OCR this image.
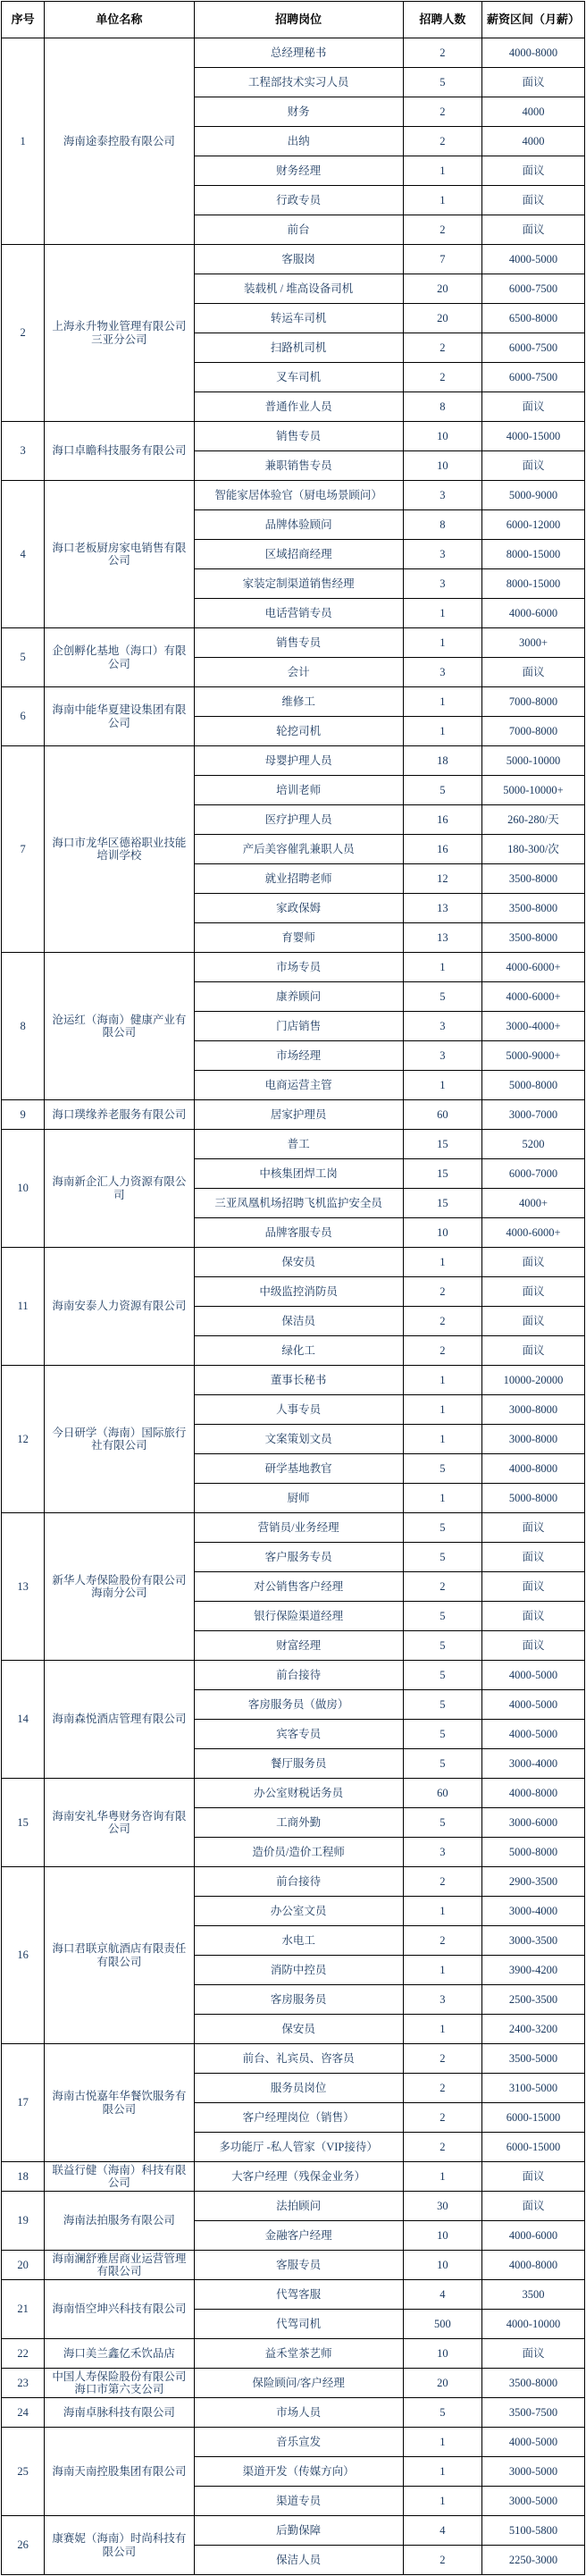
序号	单位名称	招聘岗位	招聘人数	薪资区间（月薪）
1	海南途泰控股有限公司	总经理秘书	2	4000-8000
		工程部技术实习人员	5	面议
		财务	2	4000
		出纳	2	4000
		财务经理	1	面议
		行政专员	1	面议
		前台	2	面议
2	上海永升物业管理有限公司三亚分公司	客服岗	7	4000-5000
		装载机 / 堆高设备司机	20	6000-7500
		转运车司机	20	6500-8000
		扫路机司机	2	6000-7500
		叉车司机	2	6000-7500
		普通作业人员	8	面议
3	海口卓瞻科技服务有限公司	销售专员	10	4000-15000
		兼职销售专员	10	面议
4	海口老板厨房家电销售有限公司	智能家居体验官（厨电场景顾问）	3	5000-9000
		品牌体验顾问	8	6000-12000
		区域招商经理	3	8000-15000
		家装定制渠道销售经理	3	8000-15000
		电话营销专员	1	4000-6000
5	企创孵化基地（海口）有限公司	销售专员	1	3000+
		会计	3	面议
6	海南中能华夏建设集团有限公司	维修工	1	7000-8000
		轮挖司机	1	7000-8000
7	海口市龙华区德裕职业技能培训学校	母婴护理人员	18	5000-10000
		培训老师	5	5000-10000+
		医疗护理人员	16	260-280/天
		产后美容催乳兼职人员	16	180-300/次
		就业招聘老师	12	3500-8000
		家政保姆	13	3500-8000
		育婴师	13	3500-8000
8	沧运红（海南）健康产业有限公司	市场专员	1	4000-6000+
		康养顾问	5	4000-6000+
		门店销售	3	3000-4000+
		市场经理	3	5000-9000+
		电商运营主管	1	5000-8000
9	海口璞缘养老服务有限公司	居家护理员	60	3000-7000
10	海南新企汇人力资源有限公司	普工	15	5200
		中核集团焊工岗	15	6000-7000
		三亚凤凰机场招聘飞机监护安全员	15	4000+
		品牌客服专员	10	4000-6000+
11	海南安泰人力资源有限公司	保安员	1	面议
		中级监控消防员	2	面议
		保洁员	2	面议
		绿化工	2	面议
12	今日研学（海南）国际旅行社有限公司	董事长秘书	1	10000-20000
		人事专员	1	3000-8000
		文案策划文员	1	3000-8000
		研学基地教官	5	4000-8000
		厨师	1	5000-8000
13	新华人寿保险股份有限公司海南分公司	营销员/业务经理	5	面议
		客户服务专员	5	面议
		对公销售客户经理	2	面议
		银行保险渠道经理	5	面议
		财富经理	5	面议
14	海南森悦酒店管理有限公司	前台接待	5	4000-5000
		客房服务员（做房）	5	4000-5000
		宾客专员	5	4000-5000
		餐厅服务员	5	3000-4000
15	海南安礼华粤财务咨询有限公司	办公室财税话务员	60	4000-8000
		工商外勤	5	3000-6000
		造价员/造价工程师	3	5000-8000
16	海口君联京航酒店有限责任有限公司	前台接待	2	2900-3500
		办公室文员	1	3000-4000
		水电工	2	3000-3500
		消防中控员	1	3900-4200
		客房服务员	3	2500-3500
		保安员	1	2400-3200
17	海南古悦嘉年华餐饮服务有限公司	前台、礼宾员、咨客员	2	3500-5000
		服务员岗位	2	3100-5000
		客户经理岗位（销售）	2	6000-15000
		多功能厅 -私人管家（VIP接待）	2	6000-15000
18	联益行健（海南）科技有限公司	大客户经理（残保金业务）	1	面议
19	海南法拍服务有限公司	法拍顾问	30	面议
		金融客户经理	10	4000-6000
20	海南澜舒雅居商业运营管理有限公司	客服专员	10	4000-8000
21	海南悟空坤兴科技有限公司	代驾客服	4	3500
		代驾司机	500	4000-10000
22	海口美兰鑫亿禾饮品店	益禾堂茶艺师	10	面议
23	中国人寿保险股份有限公司海口市第六支公司	保险顾问/客户经理	20	3500-8000
24	海南卓脉科技有限公司	市场人员	5	3500-7500
25	海南天南控股集团有限公司	音乐宣发	1	4000-5000
		渠道开发（传媒方向）	1	3000-5000
		渠道专员	1	3000-5000
26	康赛妮（海南）时尚科技有限公司	后勤保障	4	5100-5800
		保洁人员	2	2250-3000
